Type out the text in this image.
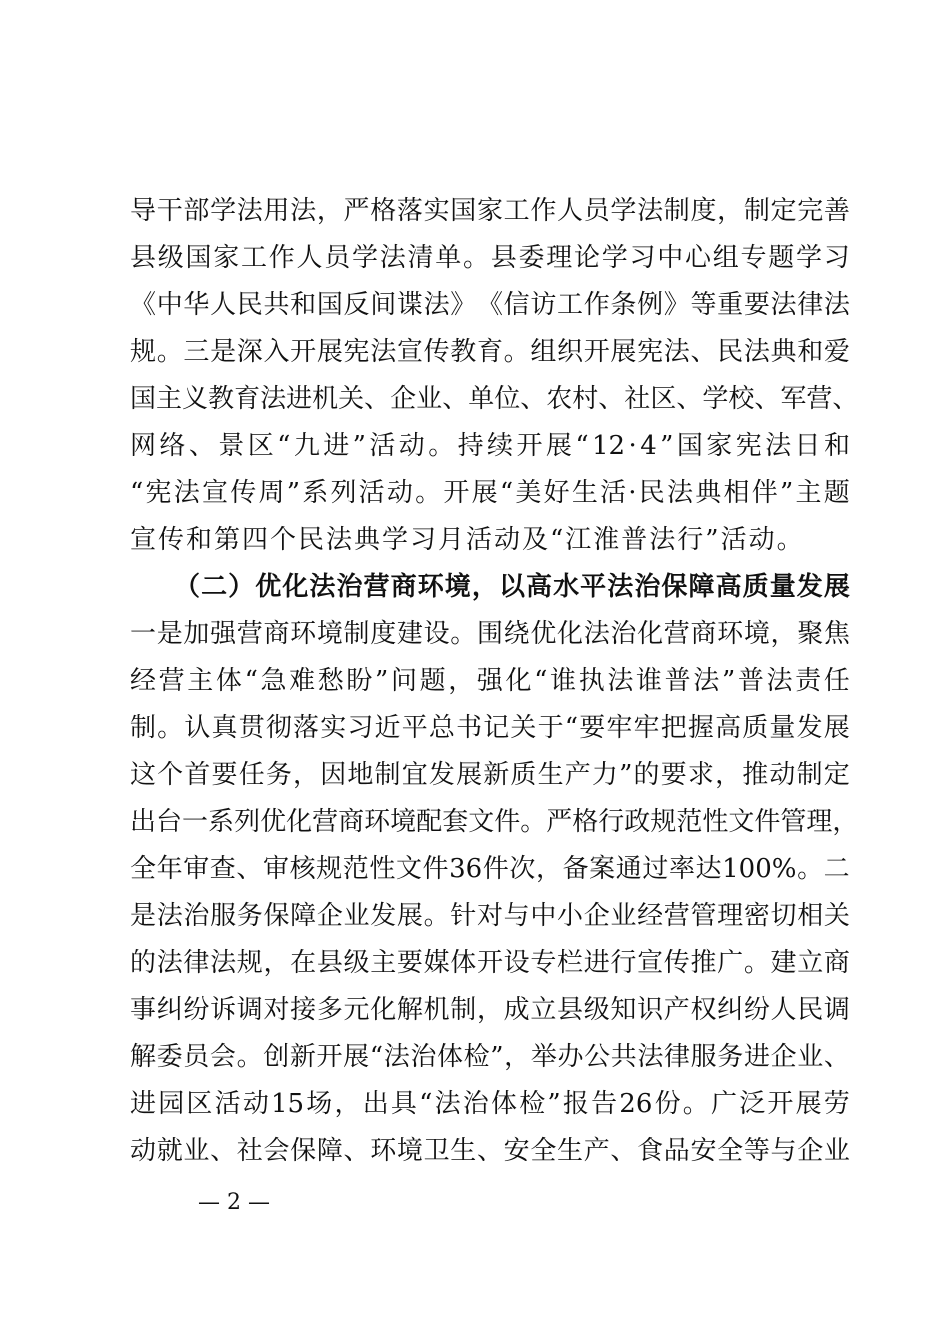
导 干 部 学 法 用 法 ， 严 格 落 实 国 家 工 作 人 员 学 法 制 度 ， 制 定 完 善
县 级 国 家 工 作 人 员 学 法 清 单 。 县 委 理 论 学 习 中 心 组 专 题 学 习
《 中 华 人 民 共 和 国 反 间 谍 法 》 《 信 访 工 作 条 例 》 等 重 要 法 律 法
规 。 三 是 深 入 开 展 宪 法 宣 传 教 育 。 组 织 开 展 宪 法 、 民 法 典 和 爱
国 主 义 教 育 法 进 机 关 、 企 业 、 单 位 、 农 村 、 社 区 、 学 校 、 军 营 、
网 络 、 景 区 “ 九 进 ” 活 动 。 持 续 开 展 “ 12 · 4 ” 国 家 宪 法 日 和
“ 宪 法 宣 传 周 ” 系 列 活 动 。 开 展 “ 美 好 生 活 · 民 法 典 相 伴 ” 主 题
宣传和第四个民法典学习月活动及“江淮普法行”活动。
（ 二 ） 优 化 法 治 营 商 环 境 ， 以 高 水 平 法 治 保 障 高 质 量 发 展
一 是 加 强 营 商 环 境 制 度 建 设 。 围 绕 优 化 法 治 化 营 商 环 境 ， 聚 焦
经 营 主 体 “ 急 难 愁 盼 ” 问 题 ， 强 化 “ 谁 执 法 谁 普 法 ” 普 法 责 任
制 。 认 真 贯 彻 落 实 习 近 平 总 书 记 关 于 “ 要 牢 牢 把 握 高 质 量 发 展
这 个 首 要 任 务 ， 因 地 制 宜 发 展 新 质 生 产 力 ” 的 要 求 ， 推 动 制 定
出 台 一 系 列 优 化 营 商 环 境 配 套 文 件 。 严 格 行 政 规 范 性 文 件 管 理 ，
全 年 审 查 、 审 核 规 范 性 文 件 36 件 次 ， 备 案 通 过 率 达 100% 。 二
是 法 治 服 务 保 障 企 业 发 展 。 针 对 与 中 小 企 业 经 营 管 理 密 切 相 关
的 法 律 法 规 ， 在 县 级 主 要 媒 体 开 设 专 栏 进 行 宣 传 推 广 。 建 立 商
事 纠 纷 诉 调 对 接 多 元 化 解 机 制 ， 成 立 县 级 知 识 产 权 纠 纷 人 民 调
解 委 员 会 。 创 新 开 展 “ 法 治 体 检 ” ， 举 办 公 共 法 律 服 务 进 企 业 、
进 园 区 活 动 15 场 ， 出 具 “ 法 治 体 检 ” 报 告 26 份 。 广 泛 开 展 劳
动 就 业 、 社 会 保 障 、 环 境 卫 生 、 安 全 生 产 、 食 品 安 全 等 与 企 业
— 2 —
